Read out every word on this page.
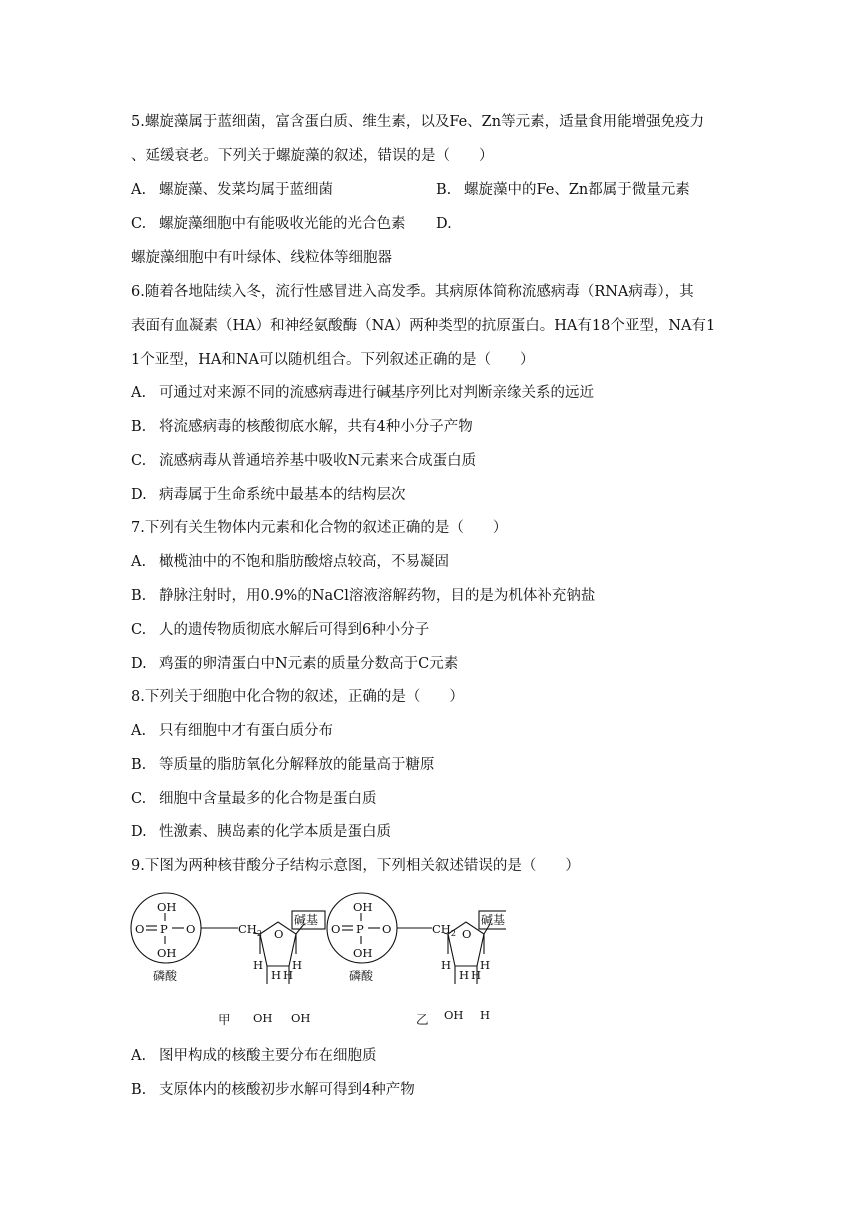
5.螺旋藻属于蓝细菌，富含蛋白质、维生素，以及Fe、Zn等元素，适量食用能增强免疫力
、延缓衰老。下列关于螺旋藻的叙述，错误的是（　　）
A. 螺旋藻、发菜均属于蓝细菌	B. 螺旋藻中的Fe、Zn都属于微量元素
C. 螺旋藻细胞中有能吸收光能的光合色素 D.
螺旋藻细胞中有叶绿体、线粒体等细胞器
6.随着各地陆续入冬，流行性感冒进入高发季。其病原体简称流感病毒（RNA病毒），其
表面有血凝素（HA）和神经氨酸酶（NA）两种类型的抗原蛋白。HA有18个亚型，NA有1
1个亚型，HA和NA可以随机组合。下列叙述正确的是（　　）
A. 可通过对来源不同的流感病毒进行碱基序列比对判断亲缘关系的远近
B. 将流感病毒的核酸彻底水解，共有4种小分子产物
C. 流感病毒从普通培养基中吸收N元素来合成蛋白质
D. 病毒属于生命系统中最基本的结构层次
7.下列有关生物体内元素和化合物的叙述正确的是（　　）
A. 橄榄油中的不饱和脂肪酸熔点较高，不易凝固
B. 静脉注射时，用0.9%的NaCl溶液溶解药物，目的是为机体补充钠盐
C. 人的遗传物质彻底水解后可得到6种小分子
D. 鸡蛋的卵清蛋白中N元素的质量分数高于C元素
8.下列关于细胞中化合物的叙述，正确的是（　　）
A. 只有细胞中才有蛋白质分布
B. 等质量的脂肪氧化分解释放的能量高于糖原
C. 细胞中含量最多的化合物是蛋白质
D. 性激素、胰岛素的化学本质是蛋白质
9.下图为两种核苷酸分子结构示意图，下列相关叙述错误的是（　　）
OH
O P O
OH
$CH_2$ O
碱基
H	H
H H
OH OH
磷酸
甲
OH
O P O
OH
$CH_2$ O
碱基
H	H
H H
OH H
磷酸
乙
A. 图甲构成的核酸主要分布在细胞质
B. 支原体内的核酸初步水解可得到4种产物
